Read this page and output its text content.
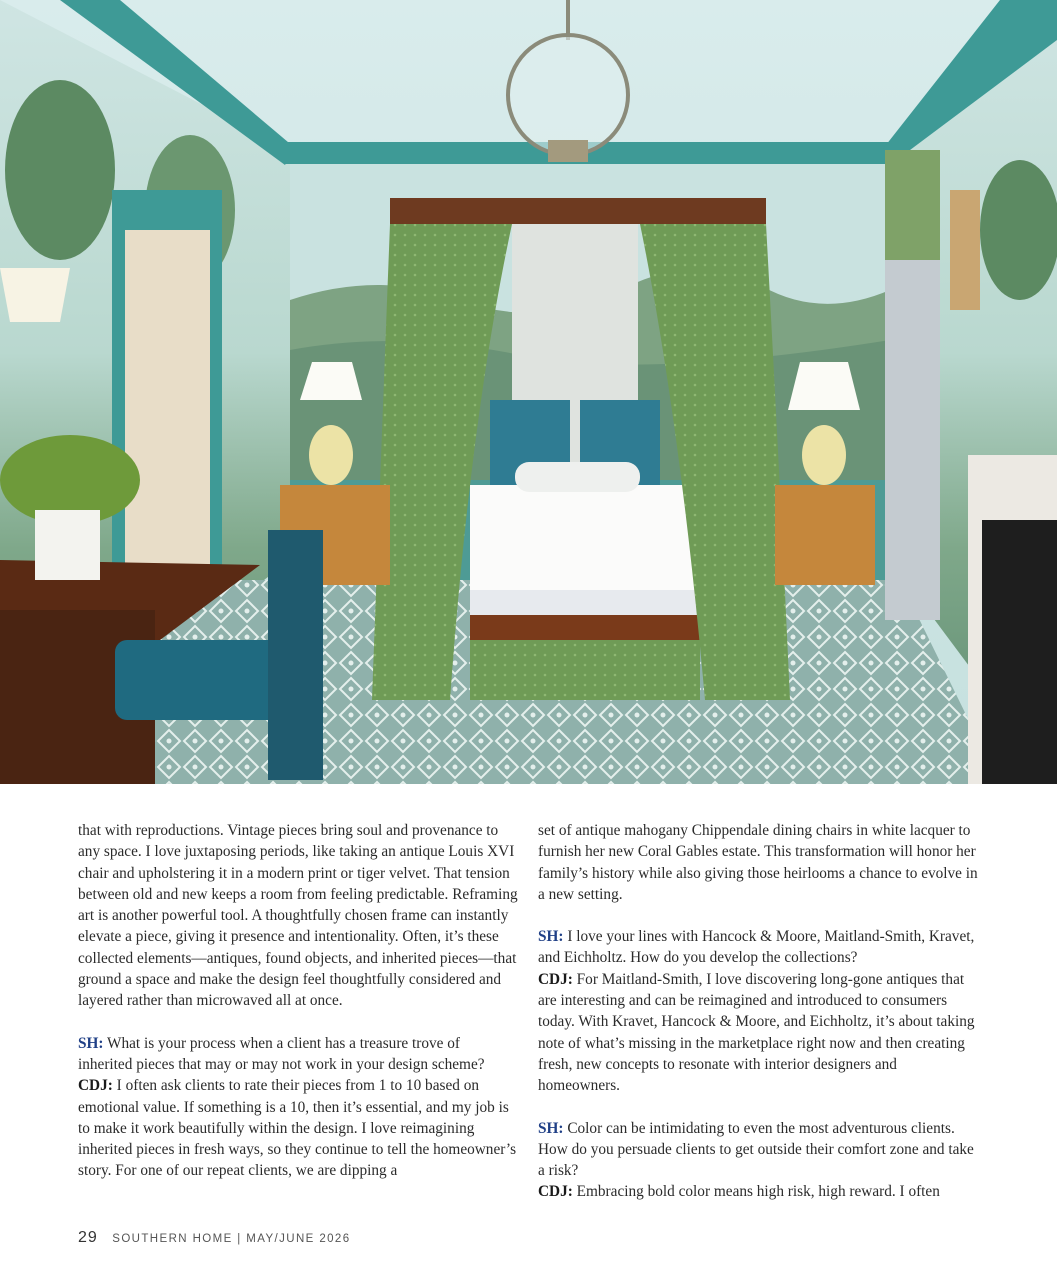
that with reproductions. Vintage pieces bring soul and provenance to any space. I love juxtaposing periods, like taking an antique Louis XVI chair and upholstering it in a modern print or tiger velvet. That tension between old and new keeps a room from feeling predictable. Reframing art is another powerful tool. A thoughtfully chosen frame can instantly elevate a piece, giving it presence and intentionality. Often, it’s these collected elements—antiques, found objects, and inherited pieces—that ground a space and make the design feel thoughtfully considered and layered rather than microwaved all at once.

SH: What is your process when a client has a treasure trove of inherited pieces that may or may not work in your design scheme?

CDJ: I often ask clients to rate their pieces from 1 to 10 based on emotional value. If something is a 10, then it’s essential, and my job is to make it work beautifully within the design. I love reimagining inherited pieces in fresh ways, so they continue to tell the homeowner’s story. For one of our repeat clients, we are dipping a

set of antique mahogany Chippendale dining chairs in white lacquer to furnish her new Coral Gables estate. This transformation will honor her family’s history while also giving those heirlooms a chance to evolve in a new setting.

SH: I love your lines with Hancock & Moore, Maitland-Smith, Kravet, and Eichholtz. How do you develop the collections?

CDJ: For Maitland-Smith, I love discovering long-gone antiques that are interesting and can be reimagined and introduced to consumers today. With Kravet, Hancock & Moore, and Eichholtz, it’s about taking note of what’s missing in the marketplace right now and then creating fresh, new concepts to resonate with interior designers and homeowners.

SH: Color can be intimidating to even the most adventurous clients. How do you persuade clients to get outside their comfort zone and take a risk?

CDJ: Embracing bold color means high risk, high reward. I often

29 SOUTHERN HOME | MAY/JUNE 2026
